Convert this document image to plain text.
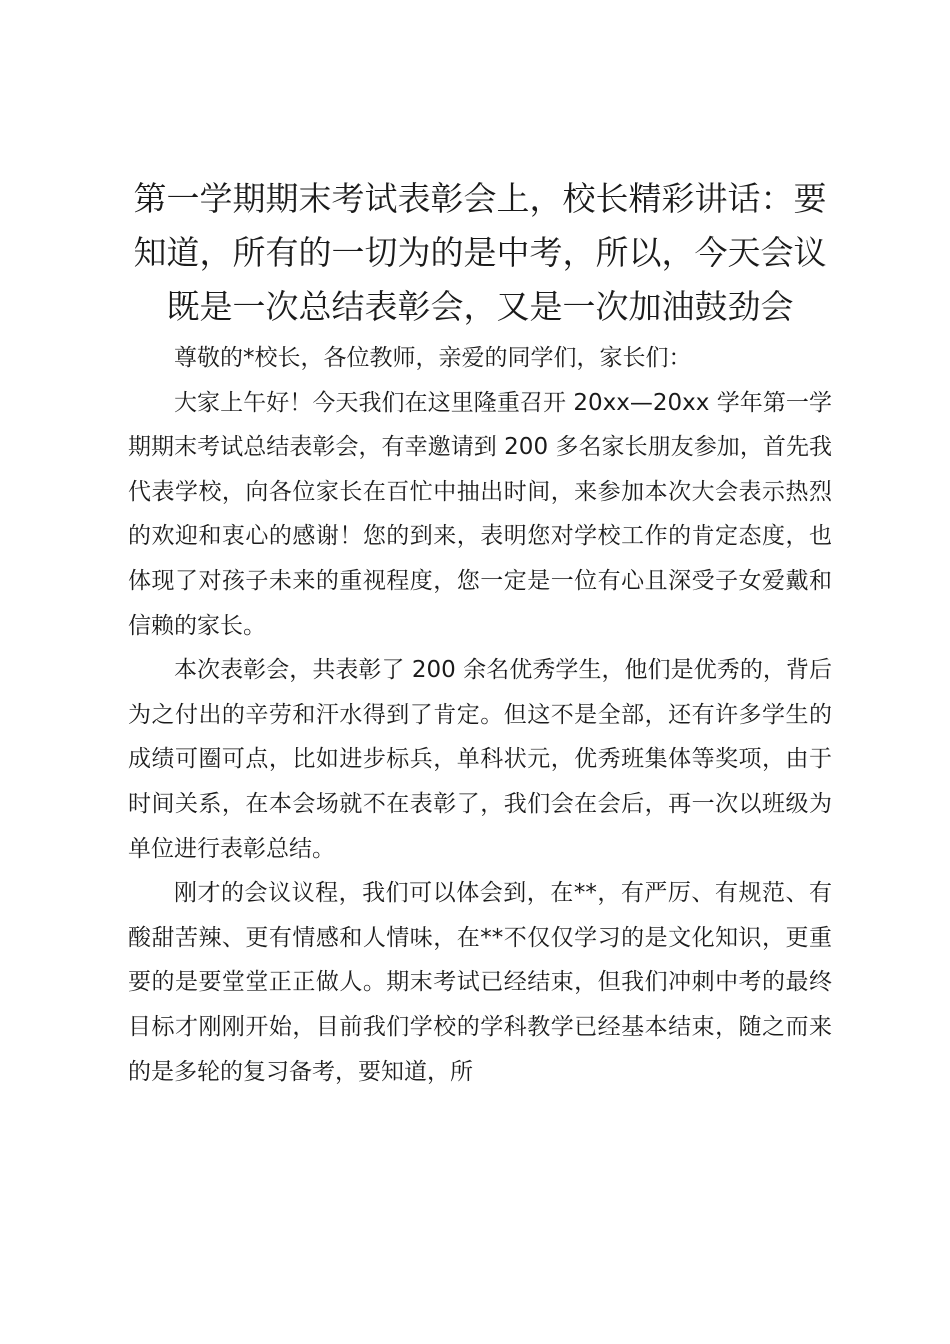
第一学期期末考试表彰会上，校长精彩讲话：要知道，所有的一切为的是中考，所以，今天会议既是一次总结表彰会，又是一次加油鼓劲会

尊敬的*校长，各位教师，亲爱的同学们，家长们：

大家上午好！今天我们在这里隆重召开 20xx—20xx 学年第一学期期末考试总结表彰会，有幸邀请到 200 多名家长朋友参加，首先我代表学校，向各位家长在百忙中抽出时间，来参加本次大会表示热烈的欢迎和衷心的感谢！您的到来，表明您对学校工作的肯定态度，也体现了对孩子未来的重视程度，您一定是一位有心且深受子女爱戴和信赖的家长。

本次表彰会，共表彰了 200 余名优秀学生，他们是优秀的，背后为之付出的辛劳和汗水得到了肯定。但这不是全部，还有许多学生的成绩可圈可点，比如进步标兵，单科状元，优秀班集体等奖项，由于时间关系，在本会场就不在表彰了，我们会在会后，再一次以班级为单位进行表彰总结。

刚才的会议议程，我们可以体会到，在**，有严厉、有规范、有酸甜苦辣、更有情感和人情味，在**不仅仅学习的是文化知识，更重要的是要堂堂正正做人。期末考试已经结束，但我们冲刺中考的最终目标才刚刚开始，目前我们学校的学科教学已经基本结束，随之而来的是多轮的复习备考，要知道，所
